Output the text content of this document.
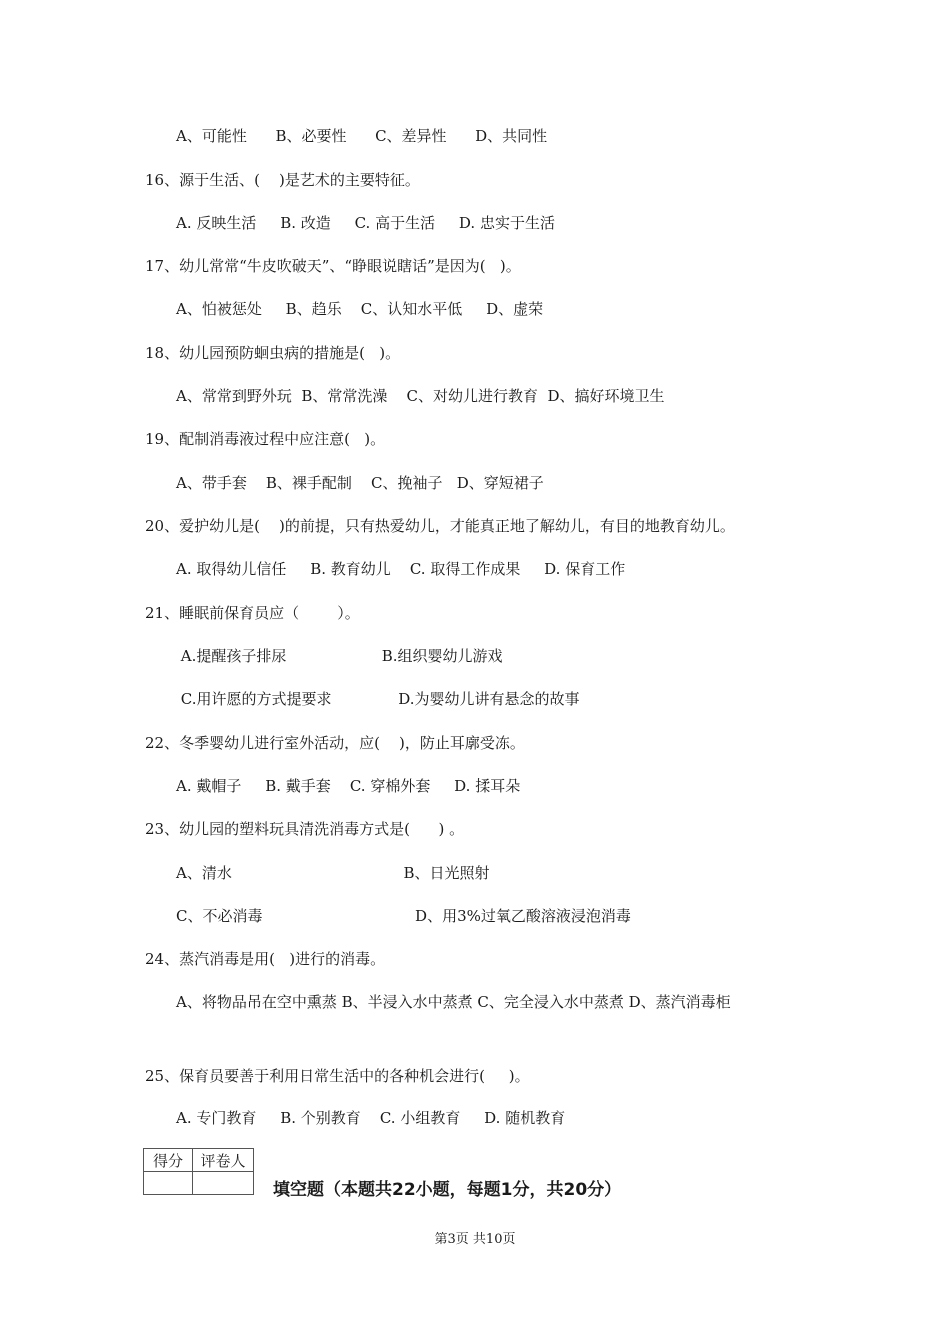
A、可能性      B、必要性      C、差异性      D、共同性
16、源于生活、(    )是艺术的主要特征。
A. 反映生活     B. 改造     C. 高于生活     D. 忠实于生活
17、幼儿常常“牛皮吹破天”、“睁眼说瞎话”是因为(   )。
A、怕被惩处     B、趋乐    C、认知水平低     D、虚荣
18、幼儿园预防蛔虫病的措施是(   )。
A、常常到野外玩  B、常常洗澡    C、对幼儿进行教育  D、搞好环境卫生
19、配制消毒液过程中应注意(   )。
A、带手套    B、裸手配制    C、挽袖子   D、穿短裙子
20、爱护幼儿是(    )的前提，只有热爱幼儿，才能真正地了解幼儿，有目的地教育幼儿。
A. 取得幼儿信任     B. 教育幼儿    C. 取得工作成果     D. 保育工作
21、睡眠前保育员应（        ）。
A.提醒孩子排尿                    B.组织婴幼儿游戏
C.用许愿的方式提要求              D.为婴幼儿讲有悬念的故事
22、冬季婴幼儿进行室外活动，应(    )，防止耳廓受冻。
A. 戴帽子     B. 戴手套    C. 穿棉外套     D. 揉耳朵
23、幼儿园的塑料玩具清洗消毒方式是(      ) 。
A、清水                                    B、日光照射
C、不必消毒                                D、用3%过氧乙酸溶液浸泡消毒
24、蒸汽消毒是用(   )进行的消毒。
A、将物品吊在空中熏蒸 B、半浸入水中蒸煮 C、完全浸入水中蒸煮 D、蒸汽消毒柜
25、保育员要善于利用日常生活中的各种机会进行(     )。
A. 专门教育     B. 个别教育    C. 小组教育     D. 随机教育
得分	评卷人

填空题（本题共22小题，每题1分，共20分）
第3页 共10页
